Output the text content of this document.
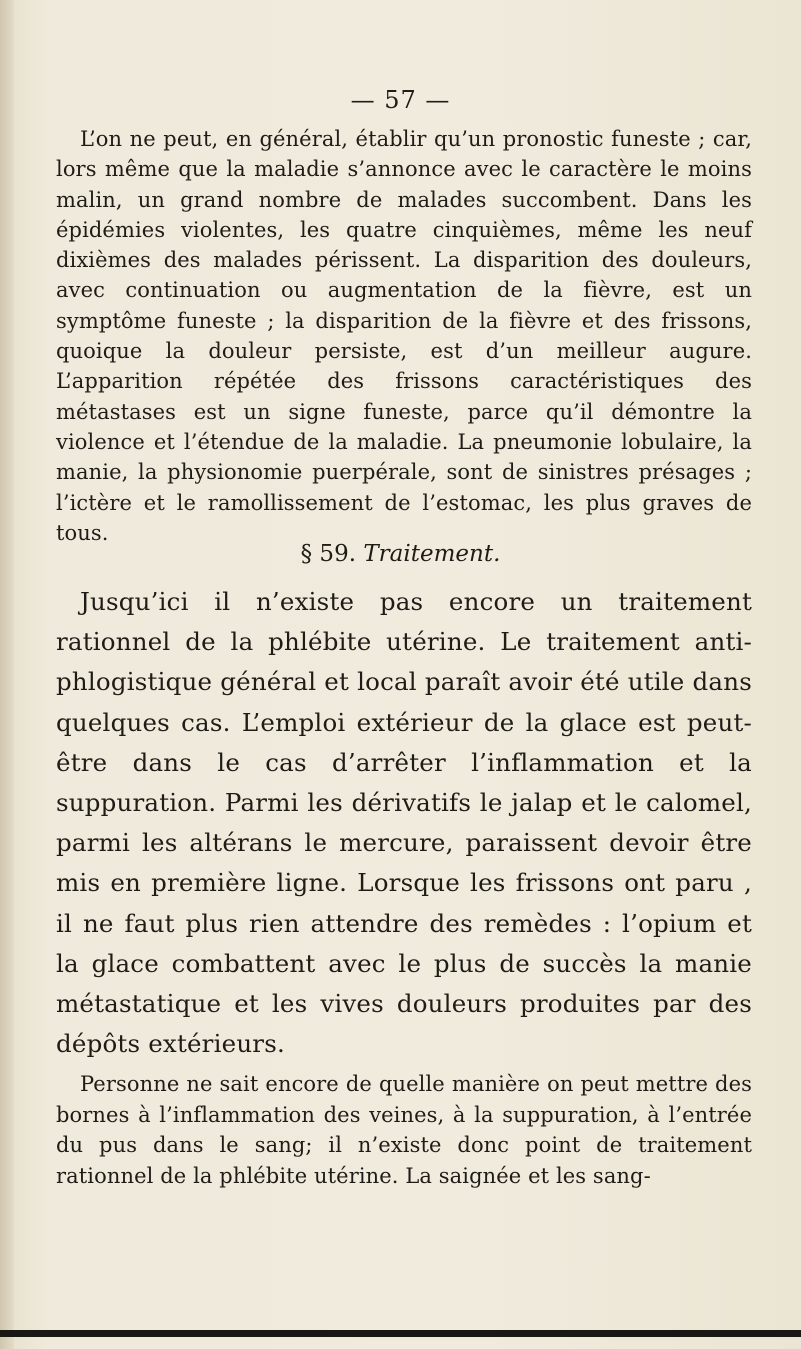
— 57 —

L’on ne peut, en général, établir qu’un pronostic funeste ; car, lors même que la maladie s’annonce avec le caractère le moins malin, un grand nombre de malades succombent. Dans les épidémies violentes, les quatre cinquièmes, même les neuf dixièmes des malades périssent. La disparition des douleurs, avec continuation ou augmentation de la fièvre, est un symptôme funeste ; la disparition de la fièvre et des frissons, quoique la douleur persiste, est d’un meilleur augure. L’apparition répétée des frissons caractéristiques des métastases est un signe funeste, parce qu’il démontre la violence et l’étendue de la maladie. La pneumonie lobulaire, la manie, la physionomie puerpérale, sont de sinistres présages ; l’ictère et le ramollissement de l’estomac, les plus graves de tous.

§ 59. Traitement.

Jusqu’ici il n’existe pas encore un traitement rationnel de la phlébite utérine. Le traitement anti-phlogistique général et local paraît avoir été utile dans quelques cas. L’emploi extérieur de la glace est peut-être dans le cas d’arrêter l’inflammation et la suppuration. Parmi les dérivatifs le jalap et le calomel, parmi les altérans le mercure, paraissent devoir être mis en première ligne. Lorsque les frissons ont paru , il ne faut plus rien attendre des remèdes : l’opium et la glace combattent avec le plus de succès la manie métastatique et les vives douleurs produites par des dépôts extérieurs.

Personne ne sait encore de quelle manière on peut mettre des bornes à l’inflammation des veines, à la suppuration, à l’entrée du pus dans le sang; il n’existe donc point de traitement rationnel de la phlébite utérine. La saignée et les sang-
